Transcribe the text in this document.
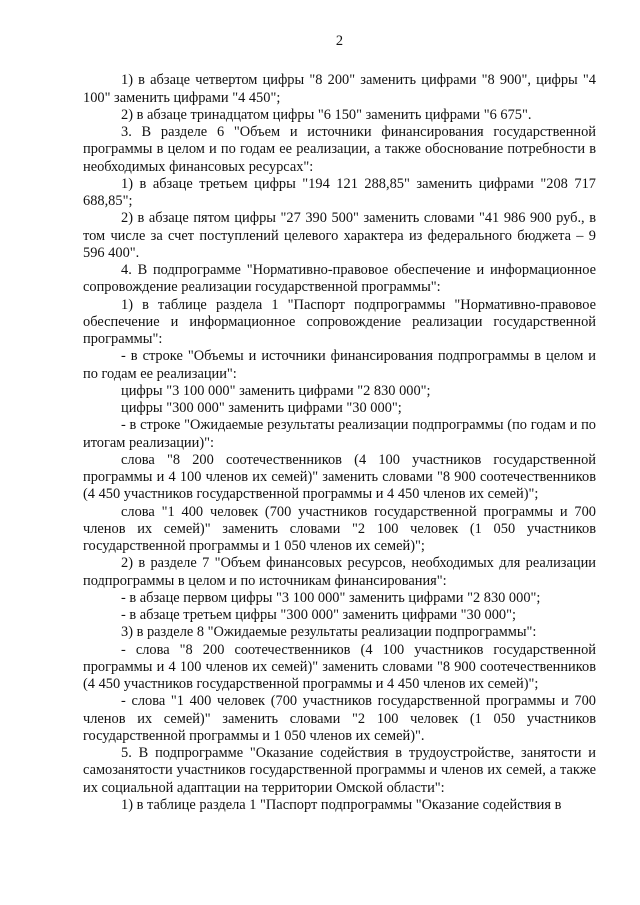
2

1) в абзаце четвертом цифры "8 200" заменить цифрами "8 900", цифры "4 100" заменить цифрами "4 450";

2) в абзаце тринадцатом цифры "6 150" заменить цифрами "6 675".

3. В разделе 6 "Объем и источники финансирования государственной программы в целом и по годам ее реализации, а также обоснование потребности в необходимых финансовых ресурсах":

1) в абзаце третьем цифры "194 121 288,85" заменить цифрами "208 717 688,85";

2) в абзаце пятом цифры "27 390 500" заменить словами "41 986 900 руб., в том числе за счет поступлений целевого характера из федерального бюджета – 9 596 400".

4. В подпрограмме "Нормативно-правовое обеспечение и информационное сопровождение реализации государственной программы":

1) в таблице раздела 1 "Паспорт подпрограммы "Нормативно-правовое обеспечение и информационное сопровождение реализации государственной программы":

- в строке "Объемы и источники финансирования подпрограммы в целом и по годам ее реализации":

цифры "3 100 000" заменить цифрами "2 830 000";

цифры "300 000" заменить цифрами "30 000";

- в строке "Ожидаемые результаты реализации подпрограммы (по годам и по итогам реализации)":

слова "8 200 соотечественников (4 100 участников государственной программы и 4 100 членов их семей)" заменить словами "8 900 соотечественников (4 450 участников государственной программы и 4 450 членов их семей)";

слова "1 400 человек (700 участников государственной программы и 700 членов их семей)" заменить словами "2 100 человек (1 050 участников государственной программы и 1 050 членов их семей)";

2) в разделе 7 "Объем финансовых ресурсов, необходимых для реализации подпрограммы в целом и по источникам финансирования":

- в абзаце первом цифры "3 100 000" заменить цифрами "2 830 000";

- в абзаце третьем цифры "300 000" заменить цифрами "30 000";

3) в разделе 8 "Ожидаемые результаты реализации подпрограммы":

- слова "8 200 соотечественников (4 100 участников государственной программы и 4 100 членов их семей)" заменить словами "8 900 соотечественников (4 450 участников государственной программы и 4 450 членов их семей)";

- слова "1 400 человек (700 участников государственной программы и 700 членов их семей)" заменить словами "2 100 человек (1 050 участников государственной программы и 1 050 членов их семей)".

5. В подпрограмме "Оказание содействия в трудоустройстве, занятости и самозанятости участников государственной программы и членов их семей, а также их социальной адаптации на территории Омской области":

1) в таблице раздела 1 "Паспорт подпрограммы "Оказание содействия в
